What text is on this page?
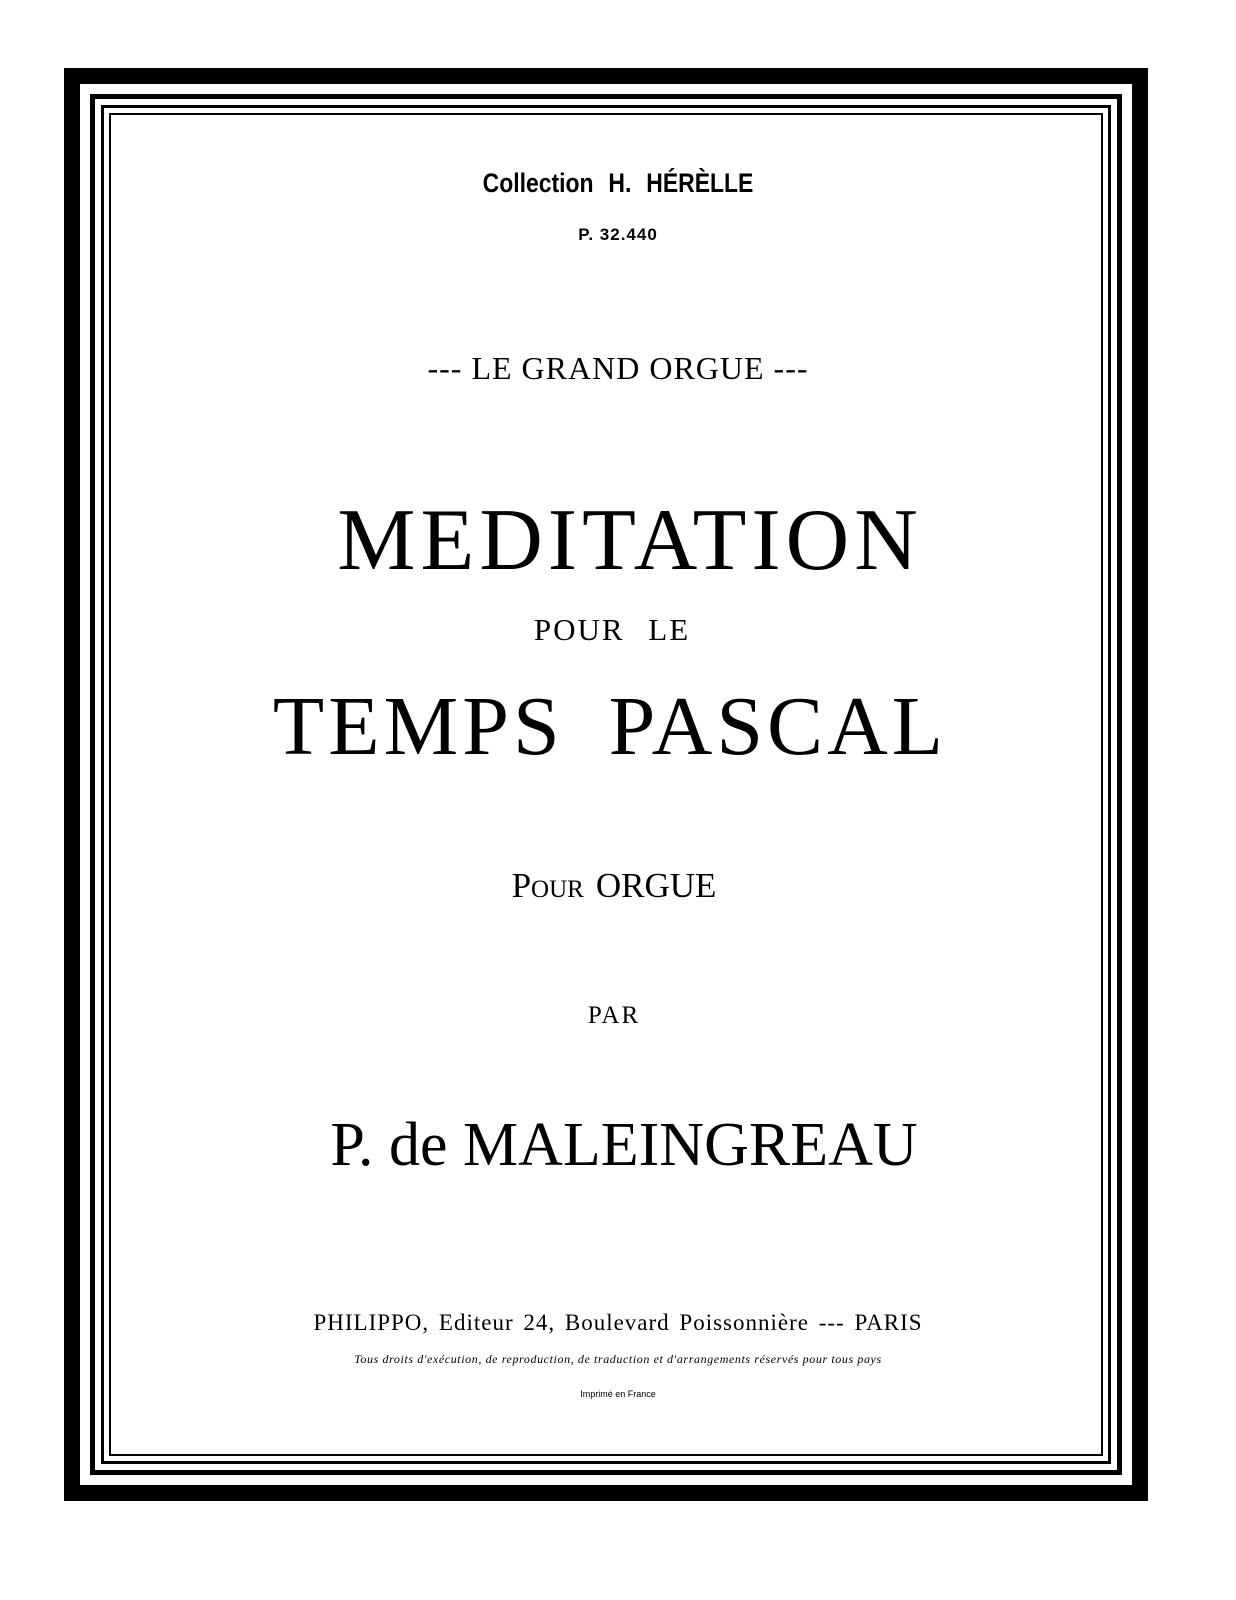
Collection H. HÉRÈLLE
P. 32.440
--- LE GRAND ORGUE ---
MEDITATION
POUR LE
TEMPS PASCAL
Pour ORGUE
PAR
P. de MALEINGREAU
PHILIPPO, Editeur 24, Boulevard Poissonnière --- PARIS
Tous droits d'exécution, de reproduction, de traduction et d'arrangements réservés pour tous pays
Imprimé en France
